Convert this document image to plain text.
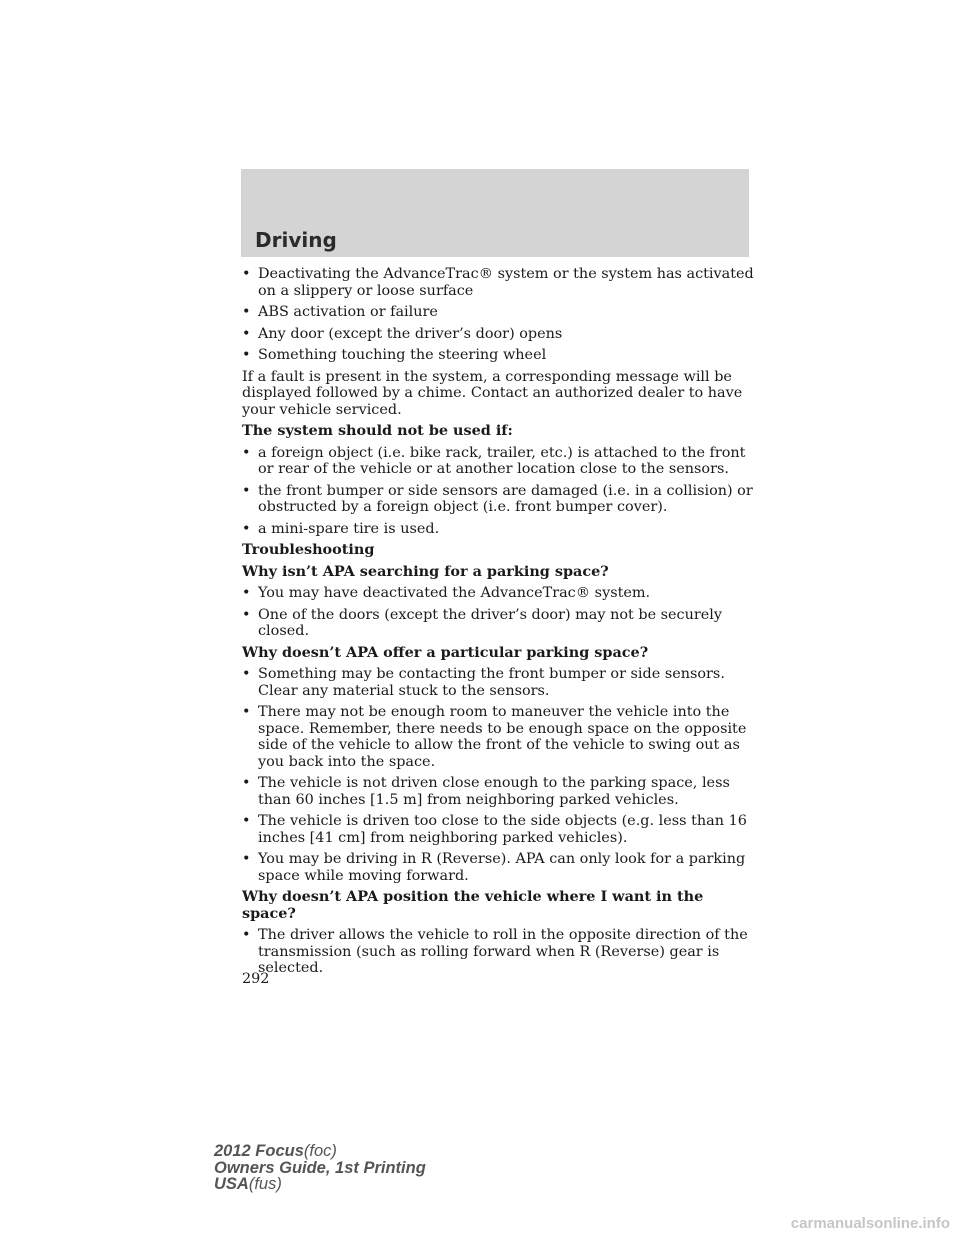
Driving
• Deactivating the AdvanceTrac® system or the system has activated on a slippery or loose surface
• ABS activation or failure
• Any door (except the driver’s door) opens
• Something touching the steering wheel

If a fault is present in the system, a corresponding message will be displayed followed by a chime. Contact an authorized dealer to have your vehicle serviced.

The system should not be used if:

• a foreign object (i.e. bike rack, trailer, etc.) is attached to the front or rear of the vehicle or at another location close to the sensors.
• the front bumper or side sensors are damaged (i.e. in a collision) or obstructed by a foreign object (i.e. front bumper cover).
• a mini-spare tire is used.

Troubleshooting

Why isn’t APA searching for a parking space?

• You may have deactivated the AdvanceTrac® system.
• One of the doors (except the driver’s door) may not be securely closed.

Why doesn’t APA offer a particular parking space?

• Something may be contacting the front bumper or side sensors. Clear any material stuck to the sensors.
• There may not be enough room to maneuver the vehicle into the space. Remember, there needs to be enough space on the opposite side of the vehicle to allow the front of the vehicle to swing out as you back into the space.
• The vehicle is not driven close enough to the parking space, less than 60 inches [1.5 m] from neighboring parked vehicles.
• The vehicle is driven too close to the side objects (e.g. less than 16 inches [41 cm] from neighboring parked vehicles).
• You may be driving in R (Reverse). APA can only look for a parking space while moving forward.

Why doesn’t APA position the vehicle where I want in the space?

• The driver allows the vehicle to roll in the opposite direction of the transmission (such as rolling forward when R (Reverse) gear is selected.
292
2012 Focus(foc)
Owners Guide, 1st Printing
USA(fus)
carmanualsonline.info
